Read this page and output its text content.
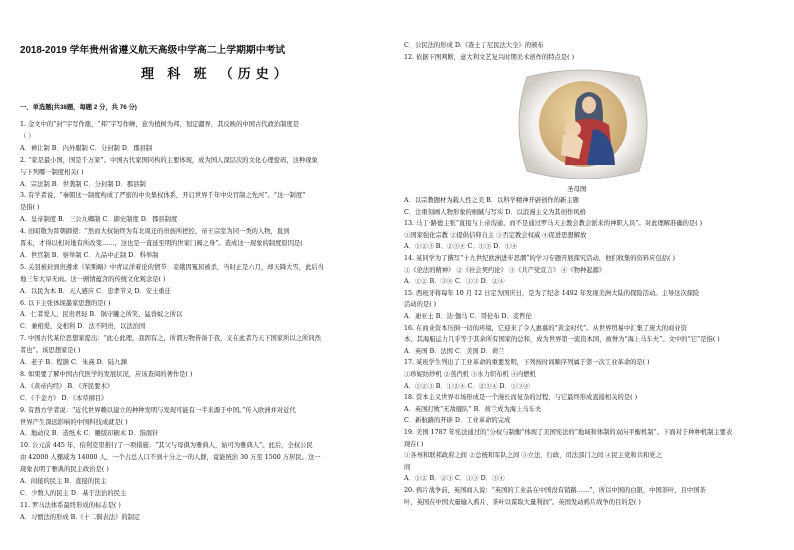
2018-2019 学年贵州省遵义航天高级中学高二上学期期中考试
理 科 班 （历史）
一、单选题(共38题，每题 2 分，共 76 分)
1. 金文中的“封”字写作涨，“邦”字写作蝉，意为植树为邦，划定疆界，其反映的中国古代政治制度是
（ ）
A．禅让制 B．内外服制 C．分封制 D．郡县制
2. “家是最小国，国是千万家”。中国古代家国同构的主要体现，成为国人深层次的文化心理密码，这种现象
与下列哪一制度相关( )
A．宗法制 B．世袭制 C．分封制 D．郡县制
3. 有学者说，“秦朝这一制度构成了严密的中央集权体系，开启世界千年中央官制之先河”。“这一制度”
是指( )
A．皇帝制度 B．三公九卿制 C．御史制度 D．郡县制度
4. 田昭敬为晋朝御使：“然而大权始终为有北周迁的贵族所把控，帝王宗室为同一类的人物，直到
晋末，才得以相对地有所改变……，这也是一直延至明的世家门阀之身”。造成这一现象的制度原因是(
A．世官制 B．察举制 C．九品中正制 D．科举制
5. 关羽被封到贵遵求《荣斯略》中青议洋着论的情节：麦娥因冤屈被杀，当时正是六月，却天降大雪，此后当
地三年大旱无雨。这一剧情蕴含的传统文化观念是( )
A．以民为本 B．天人感应 C．忠孝节义 D．安土重迁
6. 以下主张体现墨家思想的是( )
A．仁者爱人，民贵君轻 B．锅守罐之所笑，猛兽蚁之所以
C．兼相爱，交相利 D．法不阿贵，以法治国
7. 中国古代某位思想家提出：“此心此理，我固有之，所谓万物皆备于我，义在此者乃天下国家所以之所同然
者也”。该思想家是( )
A．老子 B．程颢 C．朱熹 D．陆九渊
8. 如果要了解中国古代医学的发展状况，应该查阅的著作是( )
A．《黄帝内经》 B．《齐民要术》
C．《千金方》 D．《本草纲目》
9. 有西方学者说：“近代世界赖以建立的种种发明与发现可能有一半来源于中国。”传入欧洲并对近代
世界产生深远影响的中国科技成就是( )
A．地动仪 B．造纸术 C．雕版印刷术 D．指南针
10. 公元前 445 年，伯利克里推行了一项措施：“其父与母俱为雅典人，始可为雅典人”。此后，全权公民
由 42000 人骤减为 14000 人，一个占总人口不到十分之一的人群，竟能统治 30 万至 1500 万居民。这一
现象表明了雅典的民主政治是( )
A．间接的民主 B．直接的民主
C．少数人的民主 D．基于法治的民主
11. 罗马法体系最终形成的标志是( )
A．习惯法的形成 B.《十二铜表法》的制定
C．公民法的形成 D.《查士丁尼民法大全》的颁布
12. 依据下图判断，意大利文艺复兴时期美术创作的特点是( )
圣母图
A．以宗教题材为载人性之美 B．以科学精神开辟创作的新主题
C．注重刻画人物形象的细腻与写实 D．以浪漫主义为其创作风格
13. 马丁·路德主张“直接与上帝沟通，而不是通过罗马天主教会教会派来的神职人员”。对此理解准确的是( )
①国家强化宗教 ②提倡信仰自主 ③否定教会权威 ④促进思想解放
A．①②③ B．②③④ C．①③ D．①④
14. 某同学为了撰写“十九世纪欧洲进步思潮”的学习专题开展探究活动，他们收集的资料应包括( )
①《论法的精神》 ②《社会契约论》 ③《共产党宣言》 ④《物种起源》
A．①② B．③④ C．①③ D．②④
15. 西班牙将每年 10 月 12 日定为国庆日，是为了纪念 1492 年发现美洲大陆的探险活动。主导这次探险
活动的是( )
A．迪亚士 B．达·伽马 C．哥伦布 D．麦哲伦
16. 在商业资本压倒一切的环境，它迎来了令人惠慕的“黄金时代”。从世界贸易中汇集了庞大的商业资
本，其海船运力几乎等于其余所有国家的总和，成为世界第一流资本国，被誉为“海上马车夫”。文中的“它”是指( )
A．英国 B．法国 C．美国 D．荷兰
17. 某班学生列出了工业革命的重要发明，下列按时间顺序列属于第一次工业革命的是( )
①珍妮纺纱机 ②蒸汽机 ③水力织布机 ④内燃机
A．①②③ B．①②④ C．②③④ D．①③④
18. 资本主义世界市场形成是一个漫长而复杂的过程，与它最终形成直接相关的是( )
A．英国打败“无敌舰队” B．荷兰成为海上马车夫
C．新航路的开辟 D．工业革命的完成
19. 美国 1787 年宪法通过的“分权与制衡”体现了美国宪法的“地域和体制的双向平衡机制”。下面对于种种机制主要表
现在( )
①各州和联邦政府之间 ②总统和军队之间 ③立法、行政、司法部门之间 ④民主党和共和党之
间
A．①② B．②③ C．①③ D．③④
20. 鸦片战争前，英国商人说：“英国的工业品在中国没有销路……”，所以中国的白银，中国茶叶，且中国茶
叶，英国在中国大量输入鸦片、茶叶以谋取大量利润”。英国发动鸦片战争的目的是( )
